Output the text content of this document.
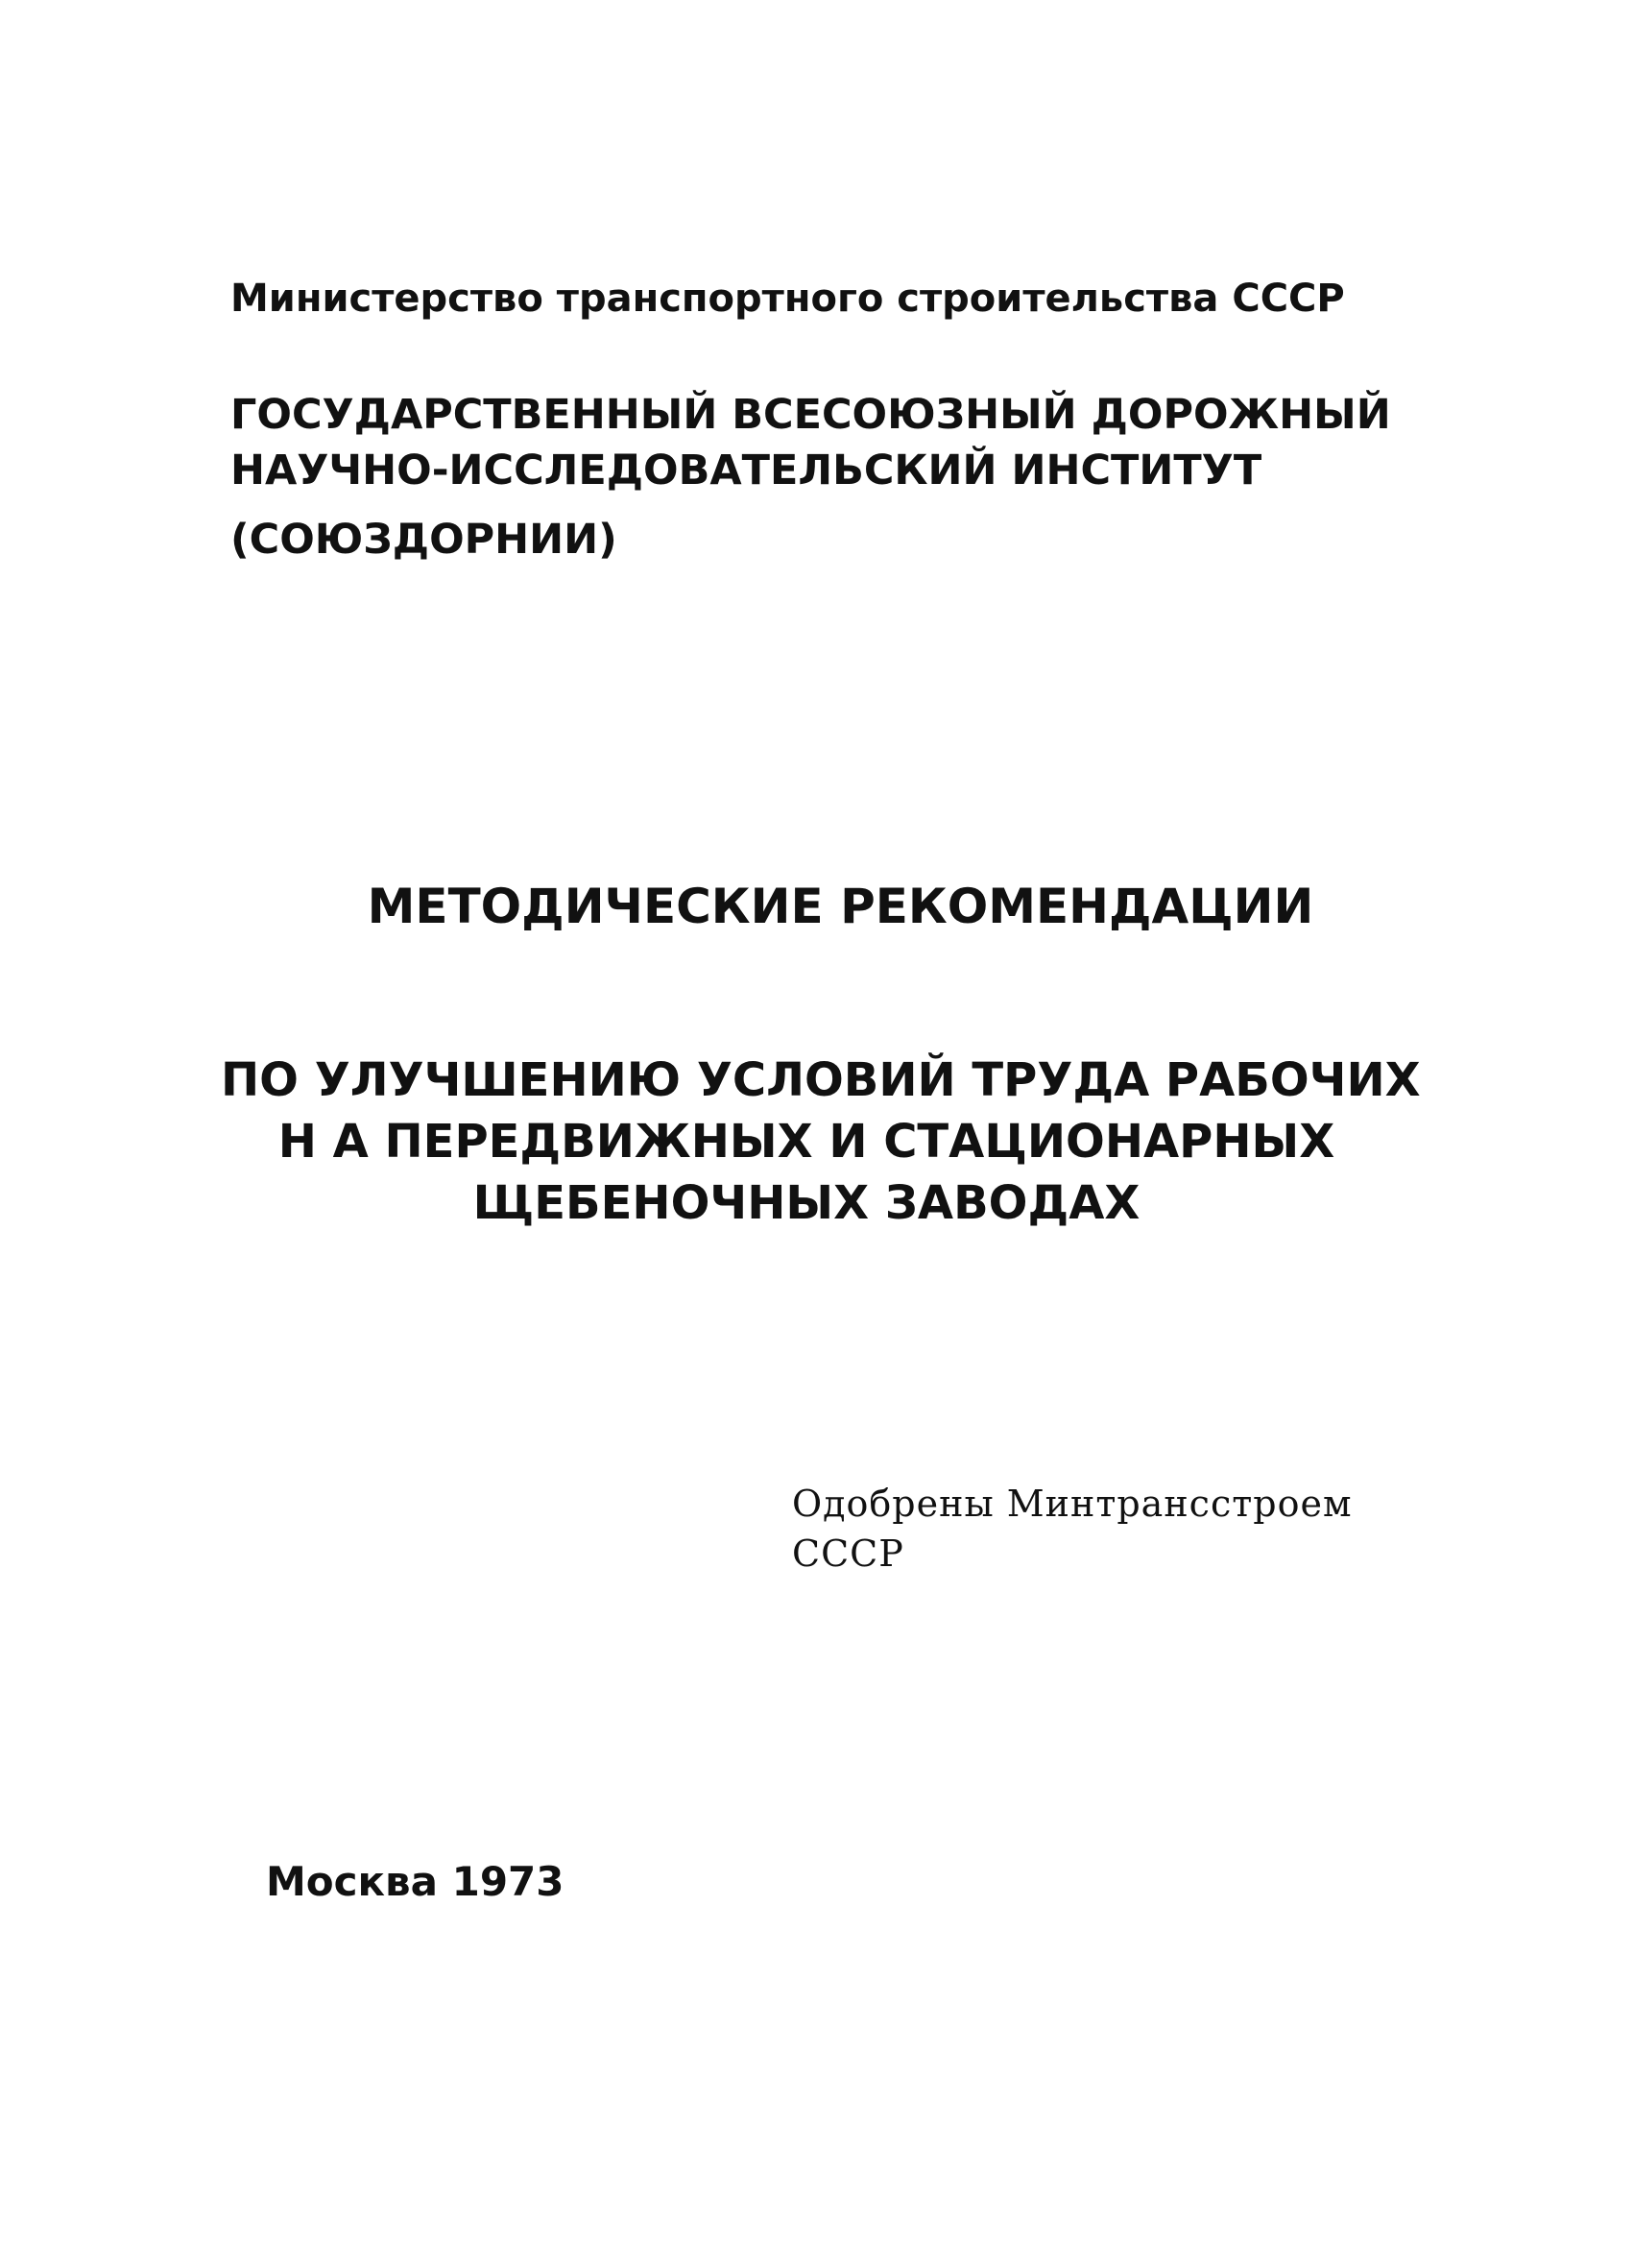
Министерство транспортного строительства СССР
ГОСУДАРСТВЕННЫЙ ВСЕСОЮЗНЫЙ ДОРОЖНЫЙ
НАУЧНО-ИССЛЕДОВАТЕЛЬСКИЙ ИНСТИТУТ
(СОЮЗДОРНИИ)
МЕТОДИЧЕСКИЕ РЕКОМЕНДАЦИИ
ПО УЛУЧШЕНИЮ УСЛОВИЙ ТРУДА РАБОЧИХ
Н А ПЕРЕДВИЖНЫХ И СТАЦИОНАРНЫХ
ЩЕБЕНОЧНЫХ ЗАВОДАХ
Одобрены Минтрансстроем
СССР
Москва 1973
